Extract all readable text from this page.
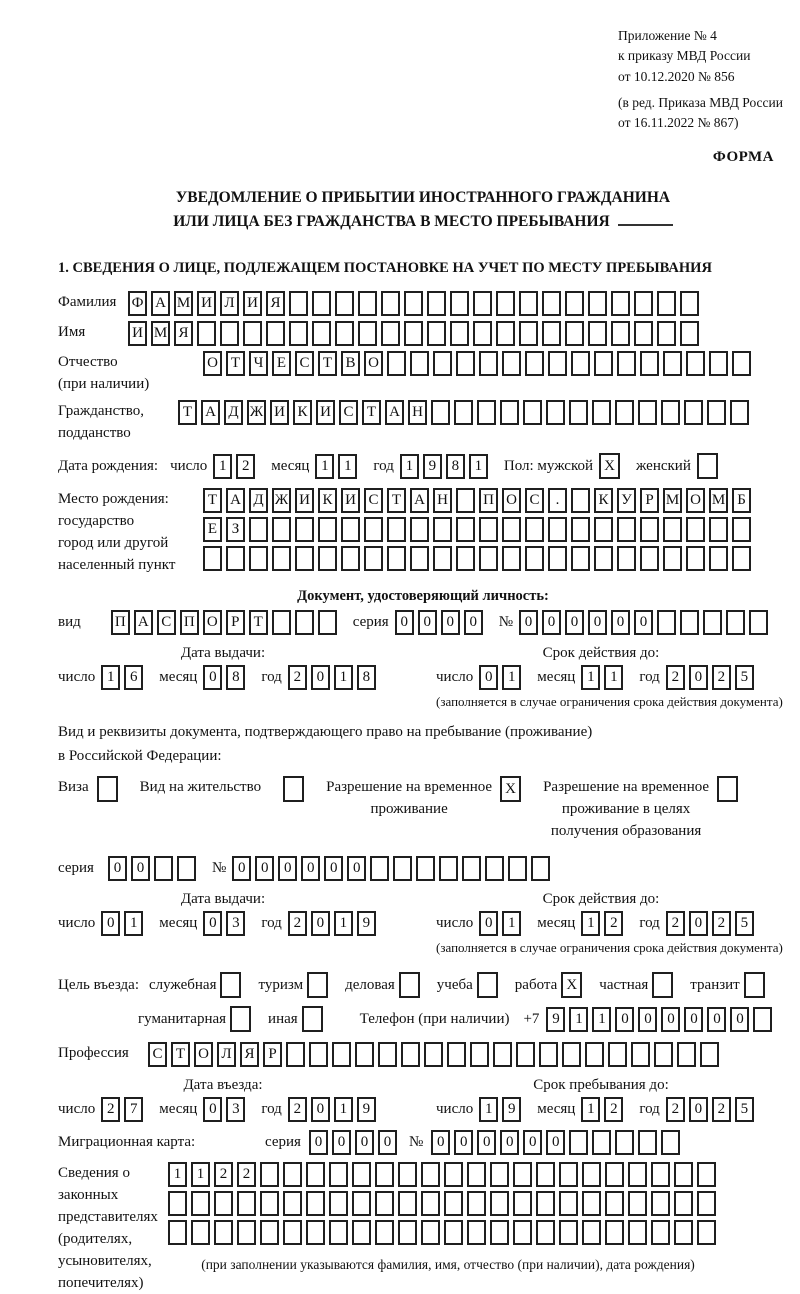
Приложение № 4
к приказу МВД России
от 10.12.2020 № 856
(в ред. Приказа МВД России
от 16.11.2022 № 867)
ФОРМА
УВЕДОМЛЕНИЕ О ПРИБЫТИИ ИНОСТРАННОГО ГРАЖДАНИНА
ИЛИ ЛИЦА БЕЗ ГРАЖДАНСТВА В МЕСТО ПРЕБЫВАНИЯ
1. СВЕДЕНИЯ О ЛИЦЕ, ПОДЛЕЖАЩЕМ ПОСТАНОВКЕ НА УЧЕТ ПО МЕСТУ ПРЕБЫВАНИЯ
Фамилия	Ф А М И Л И Я
Имя	И М Я
Отчество
(при наличии)
О Т Ч Е С Т В О
Гражданство,
подданство
Т А Д Ж И К И С Т А Н
Дата рождения: число 1	2	месяц 1	1	год 1	9	8	1	Пол: мужской X	женский
Место рождения:
государство
город или другой
населенный пункт
Т А Д Ж И К И С Т А Н П О С	.	К У Р М О М Б
Е З
Документ, удостоверяющий личность:
вид П А С П О Р Т	серия 0	0	0	0	№ 0	0	0	0	0	0
Дата выдачи:
число 1	6	месяц 0	8	год 2	0	1	8
Срок действия до:
число 0	1	месяц 1	1	год 2	0	2	5
(заполняется в случае ограничения срока действия документа)
Вид и реквизиты документа, подтверждающего право на пребывание (проживание)
в Российской Федерации:
Виза	Вид на жительство	Разрешение на временное
проживание
X	Разрешение на временное
проживание в целях
получения образования
серия	0	0	№ 0	0	0	0	0	0
Дата выдачи:
число 0	1	месяц 0	3	год 2	0	1	9
Срок действия до:
число 0	1	месяц 1	2	год 2	0	2	5
(заполняется в случае ограничения срока действия документа)
Цель въезда: служебная	туризм	деловая	учеба	работа X	частная	транзит
гуманитарная	иная	Телефон (при наличии) +7 9	1	1	0	0	0	0	0	0
Профессия	С Т О Л Я Р
Дата въезда:
число 2	7	месяц 0	3	год 2	0	1	9
Срок пребывания до:
число 1	9	месяц 1	2	год 2	0	2	5
Миграционная карта:	серия 0	0	0	0	№ 0	0	0	0	0	0
Сведения о
законных
представителях
(родителях,
усыновителях,
попечителях)
1	1	2	2
(при заполнении указываются фамилия, имя, отчество (при наличии), дата рождения)
